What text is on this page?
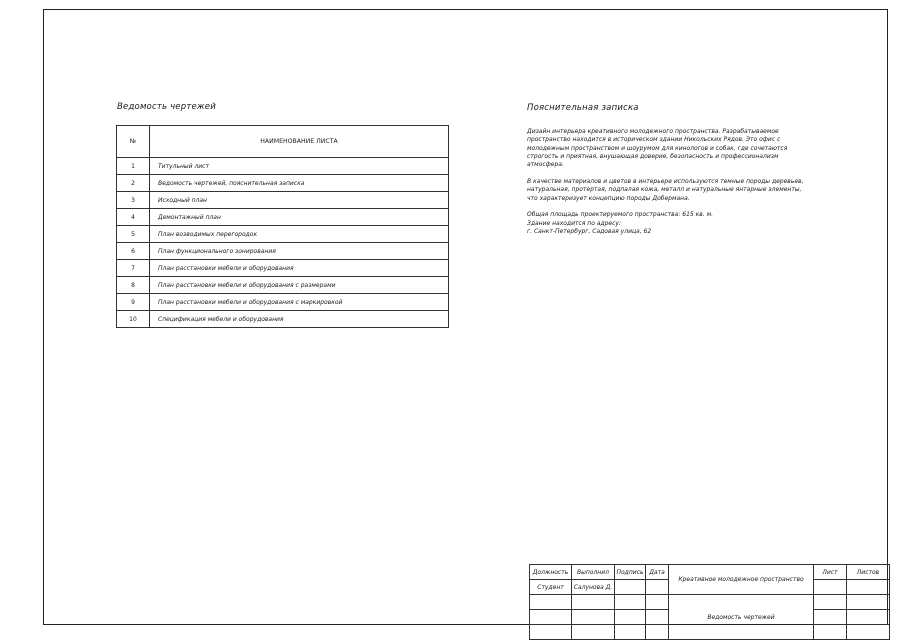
Ведомость чертежей
№	НАИМЕНОВАНИЕ ЛИСТА
1	Титульный лист
2	Ведомость чертежей, пояснительная записка
3	Исходный план
4	Демонтажный план
5	План возводимых перегородок
6	План функционального зонирования
7	План расстановки мебели и оборудования
8	План расстановки мебели и оборудования с размерами
9	План расстановки мебели и оборудования с маркировкой
10	Спецификация мебели и оборудования
Пояснительная записка

Дизайн интерьера креативного молодежного пространства. Разрабатываемое
пространство находится в историческом здании Никольских Рядов. Это офис с
молодежным пространством и шоурумом для кинологов и собак, где сочетаются
строгость и приятная, внушающая доверие, безопасность и профессионализм
атмосфера.

В качестве материалов и цветов в интерьере используются темные породы деревьев,
натуральная, протертая, подпалая кожа, металл и натуральные янтарные элементы,
что характеризует концепцию породы Добермана.

Общая площадь проектируемого пространства: 615 кв. м.
Здание находится по адресу:
г. Санкт-Петербург, Садовая улица, 62

Должность	Выполнил	Подпись	Дата	Креативное молодежное пространство	Лист	Листов
Студент	Салунова Д.					
				Ведомость чертежей		
